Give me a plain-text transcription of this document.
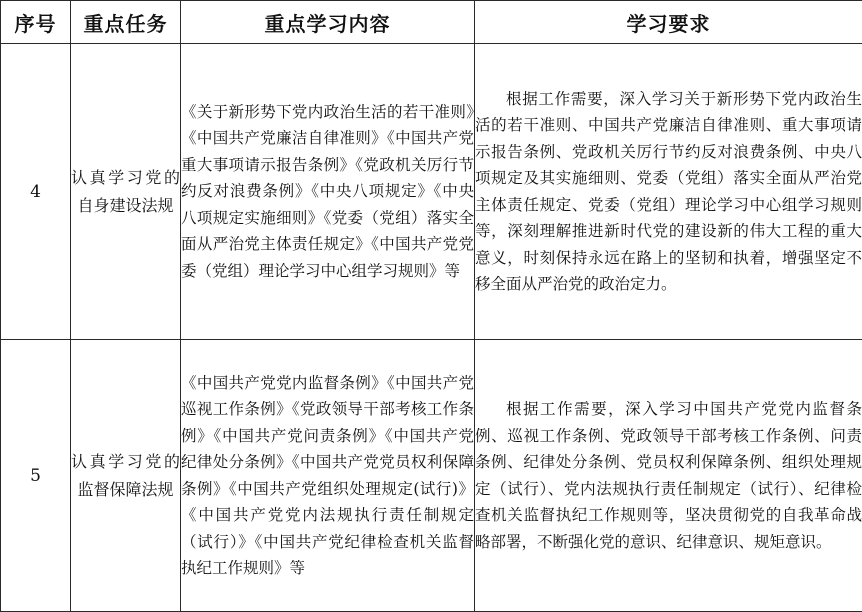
序号	重点任务	重点学习内容	学习要求
4	认真学习党的自身建设法规	《关于新形势下党内政治生活的若干准则》《中国共产党廉洁自律准则》《中国共产党重大事项请示报告条例》《党政机关厉行节约反对浪费条例》《中央八项规定》《中央八项规定实施细则》《党委（党组）落实全面从严治党主体责任规定》《中国共产党党委（党组）理论学习中心组学习规则》等	根据工作需要，深入学习关于新形势下党内政治生活的若干准则、中国共产党廉洁自律准则、重大事项请示报告条例、党政机关厉行节约反对浪费条例、中央八项规定及其实施细则、党委（党组）落实全面从严治党主体责任规定、党委（党组）理论学习中心组学习规则等，深刻理解推进新时代党的建设新的伟大工程的重大意义，时刻保持永远在路上的坚韧和执着，增强坚定不移全面从严治党的政治定力。

5	认真学习党的监督保障法规	《中国共产党党内监督条例》《中国共产党巡视工作条例》《党政领导干部考核工作条例》《中国共产党问责条例》《中国共产党纪律处分条例》《中国共产党党员权利保障条例》《中国共产党组织处理规定(试行)》《中国共产党党内法规执行责任制规定（试行）》《中国共产党纪律检查机关监督执纪工作规则》等	根据工作需要，深入学习中国共产党党内监督条例、巡视工作条例、党政领导干部考核工作条例、问责条例、纪律处分条例、党员权利保障条例、组织处理规定（试行）、党内法规执行责任制规定（试行）、纪律检查机关监督执纪工作规则等，坚决贯彻党的自我革命战略部署，不断强化党的意识、纪律意识、规矩意识。
